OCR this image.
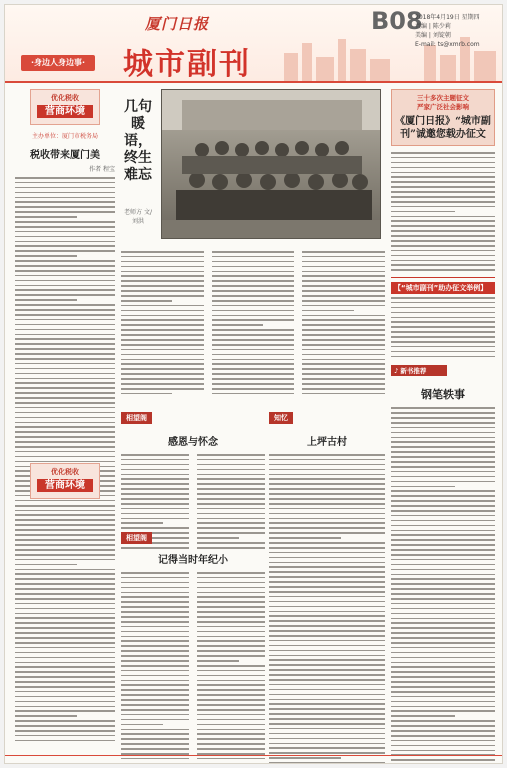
厦门日报
城市副刊
·身边人身边事·
B08
2018年4月19日 星期四
责编 | 陈少莉
美编 | 刘锭朝
E-mail: ts@xmrb.com
优化税收
营商环境
主办单位：厦门市税务局
税收带来厦门美
作者 程宝
优化税收
营商环境
几句暖语，终生难忘
老师方 文/刘洪
相望阁
感恩与怀念
相望阁
记得当时年纪小
知忆
上坪古村
三十多次主题征文
严家广泛社会影响
《厦门日报》“城市副刊”诚邀您载办征文
【“城市副刊”助办征文举例】
♪ 新书推荐
钢笔轶事
